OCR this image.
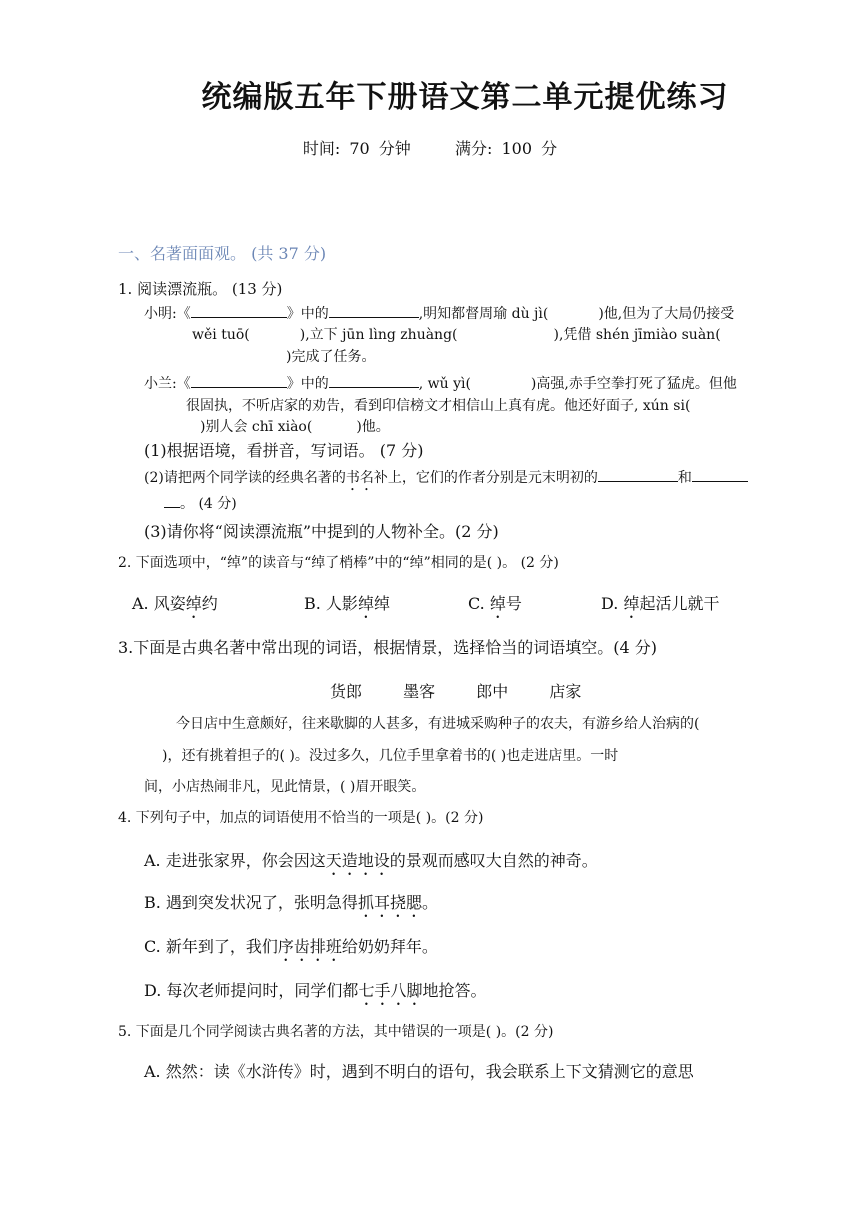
统编版五年下册语文第二单元提优练习
时间: 70 分钟	满分: 100 分
一、名著面面观。 (共 37 分)
1. 阅读漂流瓶。 (13 分)
小明:《	》中的	,明知都督周瑜 dù jì(	)他,但为了大局仍接受
wěi tuō(	),立下 jūn lìng zhuàng(	),凭借 shén jīmiào suàn(
)完成了任务。
小兰:《	》中的	, wǔ yì(	)高强,赤手空拳打死了猛虎。但他
很固执，不听店家的劝告，看到印信榜文才相信山上真有虎。他还好面子, xún si(
)别人会 chī xiào(	)他。
(1)根据语境，看拼音，写词语。 (7 分)
(2)请把两个同学读的经典名著的书名补上，它们的作者分别是元末明初的	和
。 (4 分)
(3)请你将“阅读漂流瓶”中提到的人物补全。(2 分)
2. 下面选项中，“绰”的读音与“绰了梢棒”中的“绰”相同的是( )。 (2 分)
A. 风姿绰约	B. 人影绰绰	C. 绰号	D. 绰起活儿就干
3.下面是古典名著中常出现的词语，根据情景，选择恰当的词语填空。(4 分)
货郎	墨客	郎中	店家
今日店中生意颇好，往来歇脚的人甚多，有进城采购种子的农夫，有游乡给人治病的(
)，还有挑着担子的( )。没过多久，几位手里拿着书的( )也走进店里。一时
间，小店热闹非凡，见此情景，( )眉开眼笑。
4. 下列句子中，加点的词语使用不恰当的一项是( )。(2 分)
A. 走进张家界，你会因这天造地设的景观而感叹大自然的神奇。
B. 遇到突发状况了，张明急得抓耳挠腮。
C. 新年到了，我们序齿排班给奶奶拜年。
D. 每次老师提问时，同学们都七手八脚地抢答。
5. 下面是几个同学阅读古典名著的方法，其中错误的一项是( )。(2 分)
A. 然然：读《水浒传》时，遇到不明白的语句，我会联系上下文猜测它的意思
